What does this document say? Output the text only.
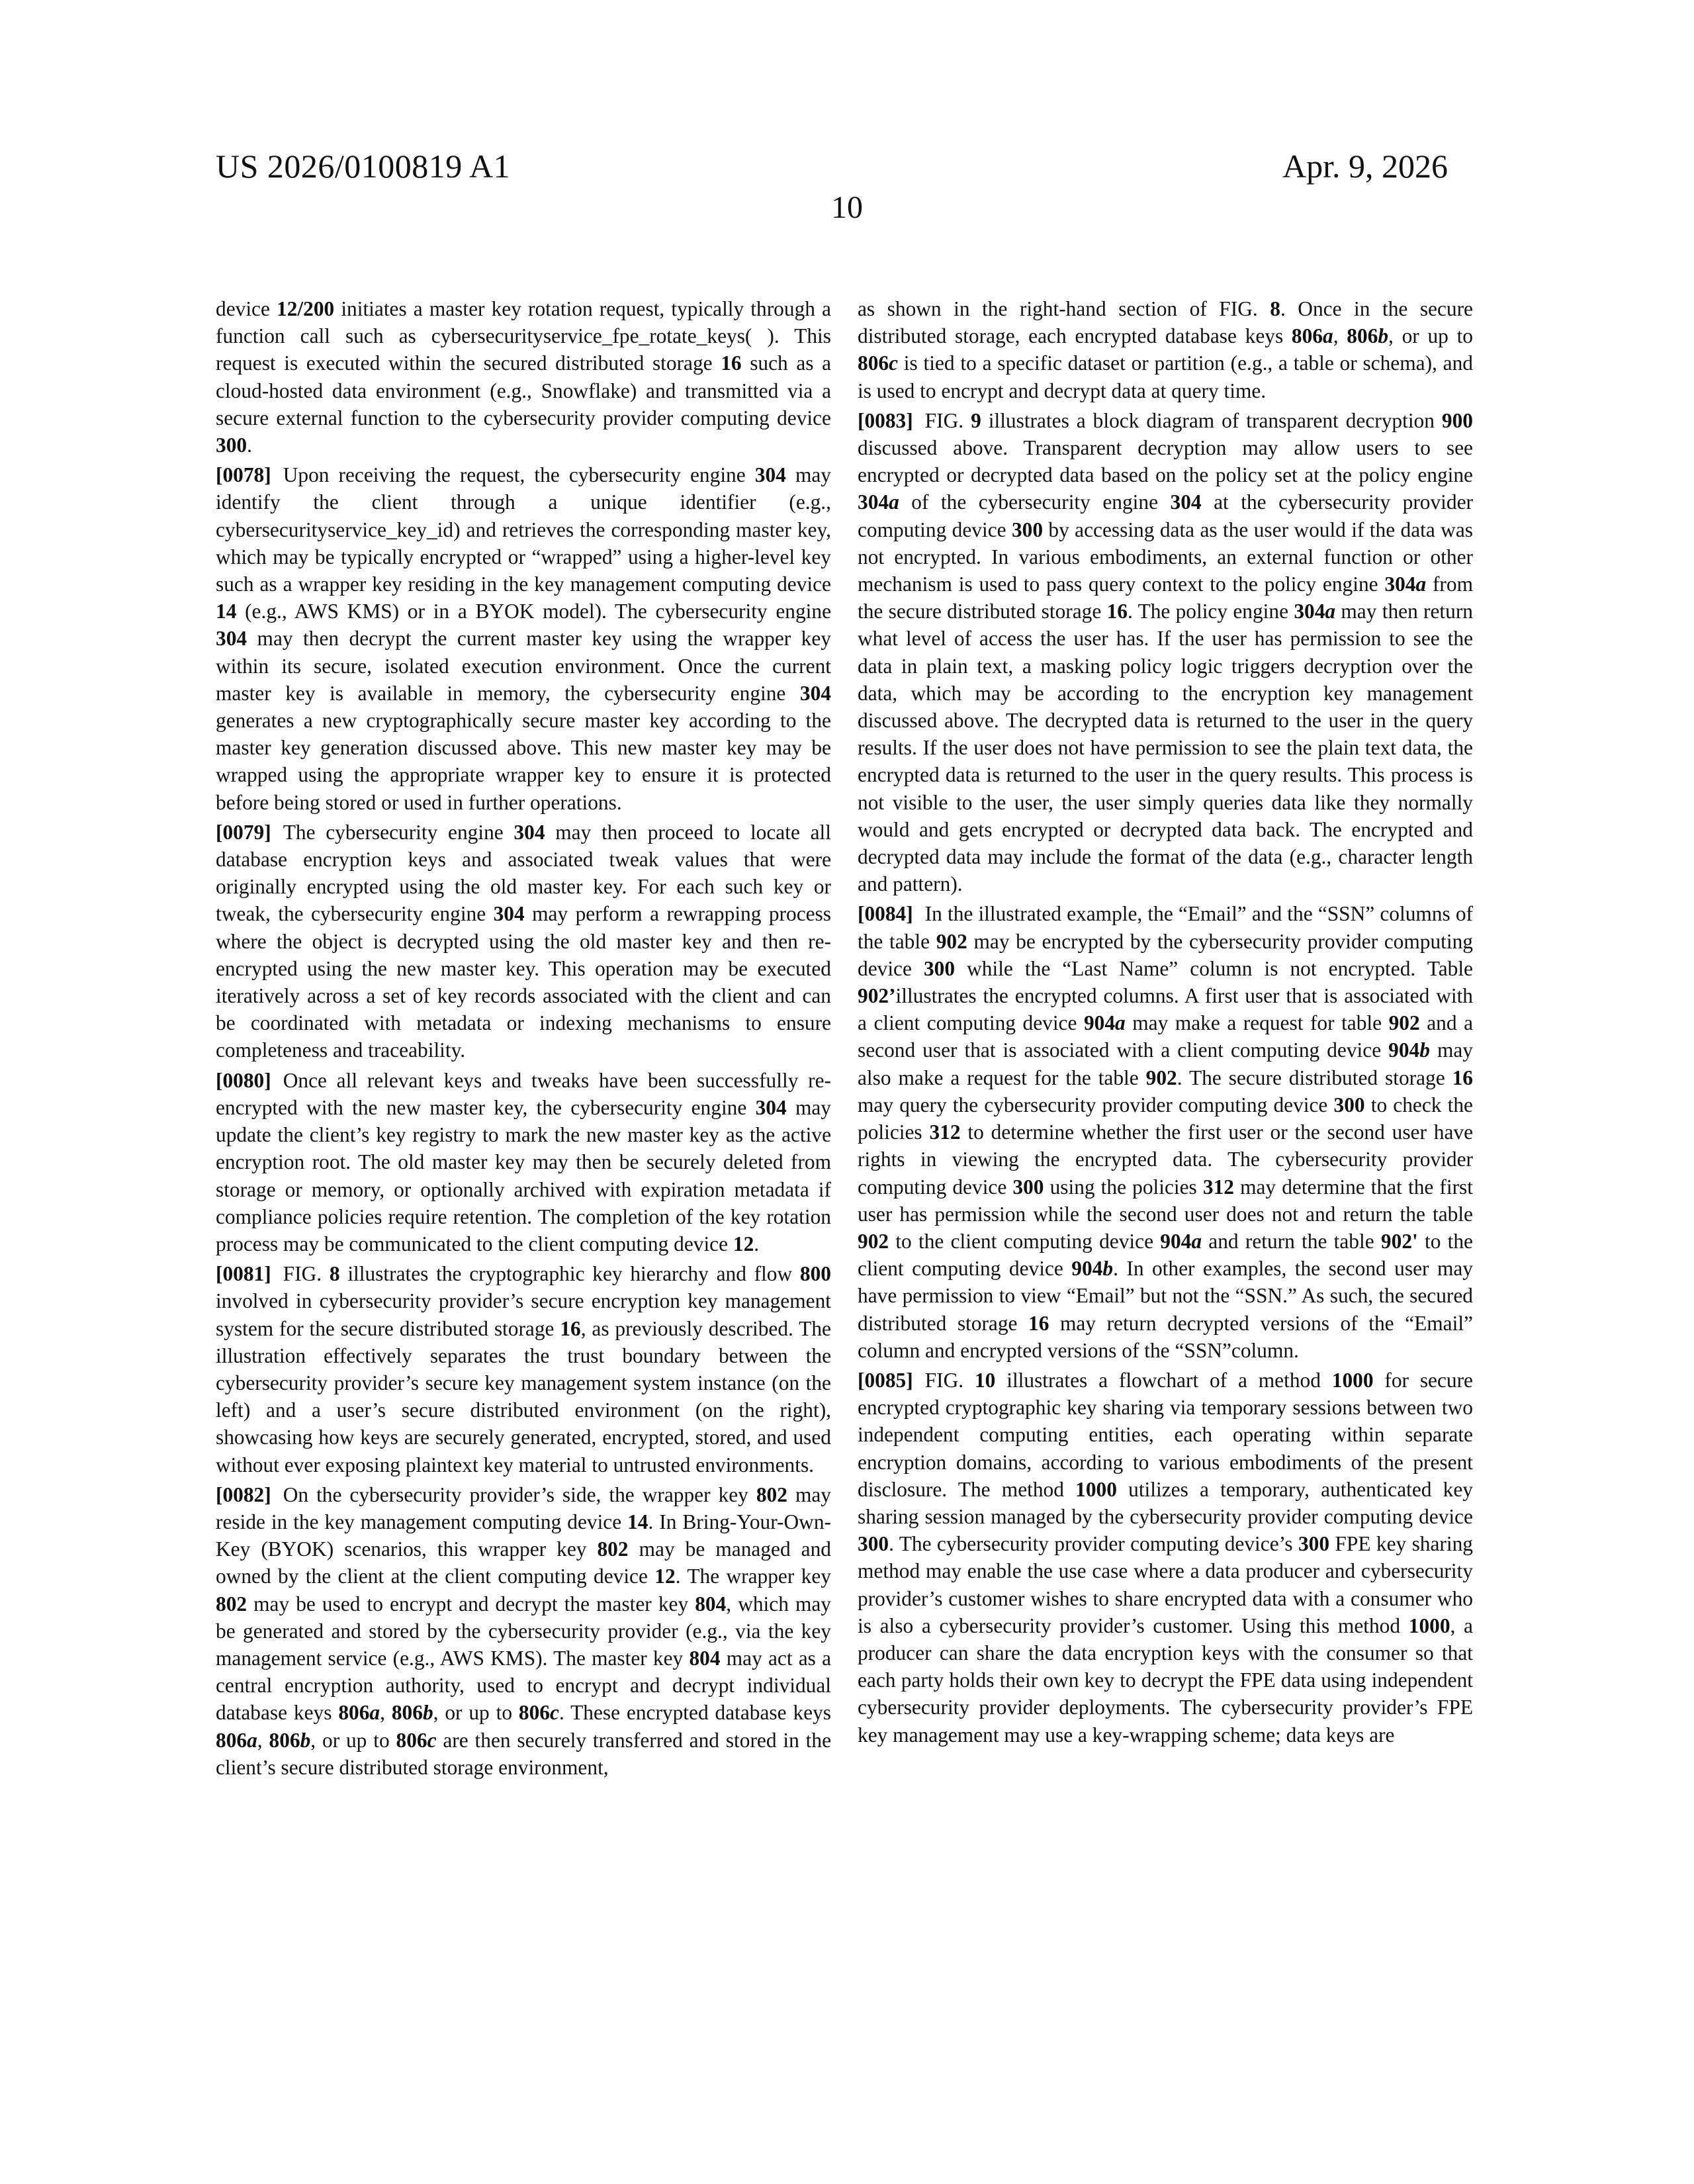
US 2026/0100819 A1	Apr. 9, 2026
10

device 12/200 initiates a master key rotation request, typically through a function call such as cybersecurityservice_fpe_rotate_keys( ). This request is executed within the secured distributed storage 16 such as a cloud-hosted data environment (e.g., Snowflake) and transmitted via a secure external function to the cybersecurity provider computing device 300.

[0078] Upon receiving the request, the cybersecurity engine 304 may identify the client through a unique identifier (e.g., cybersecurityservice_key_id) and retrieves the corresponding master key, which may be typically encrypted or “wrapped” using a higher-level key such as a wrapper key residing in the key management computing device 14 (e.g., AWS KMS) or in a BYOK model). The cybersecurity engine 304 may then decrypt the current master key using the wrapper key within its secure, isolated execution environment. Once the current master key is available in memory, the cybersecurity engine 304 generates a new cryptographically secure master key according to the master key generation discussed above. This new master key may be wrapped using the appropriate wrapper key to ensure it is protected before being stored or used in further operations.

[0079] The cybersecurity engine 304 may then proceed to locate all database encryption keys and associated tweak values that were originally encrypted using the old master key. For each such key or tweak, the cybersecurity engine 304 may perform a rewrapping process where the object is decrypted using the old master key and then re-encrypted using the new master key. This operation may be executed iteratively across a set of key records associated with the client and can be coordinated with metadata or indexing mechanisms to ensure completeness and traceability.

[0080] Once all relevant keys and tweaks have been successfully re-encrypted with the new master key, the cybersecurity engine 304 may update the client’s key registry to mark the new master key as the active encryption root. The old master key may then be securely deleted from storage or memory, or optionally archived with expiration metadata if compliance policies require retention. The completion of the key rotation process may be communicated to the client computing device 12.

[0081] FIG. 8 illustrates the cryptographic key hierarchy and flow 800 involved in cybersecurity provider’s secure encryption key management system for the secure distributed storage 16, as previously described. The illustration effectively separates the trust boundary between the cybersecurity provider’s secure key management system instance (on the left) and a user’s secure distributed environment (on the right), showcasing how keys are securely generated, encrypted, stored, and used without ever exposing plaintext key material to untrusted environments.

[0082] On the cybersecurity provider’s side, the wrapper key 802 may reside in the key management computing device 14. In Bring-Your-Own-Key (BYOK) scenarios, this wrapper key 802 may be managed and owned by the client at the client computing device 12. The wrapper key 802 may be used to encrypt and decrypt the master key 804, which may be generated and stored by the cybersecurity provider (e.g., via the key management service (e.g., AWS KMS). The master key 804 may act as a central encryption authority, used to encrypt and decrypt individual database keys 806a, 806b, or up to 806c. These encrypted database keys 806a, 806b, or up to 806c are then securely transferred and stored in the client’s secure distributed storage environment,

as shown in the right-hand section of FIG. 8. Once in the secure distributed storage, each encrypted database keys 806a, 806b, or up to 806c is tied to a specific dataset or partition (e.g., a table or schema), and is used to encrypt and decrypt data at query time.

[0083] FIG. 9 illustrates a block diagram of transparent decryption 900 discussed above. Transparent decryption may allow users to see encrypted or decrypted data based on the policy set at the policy engine 304a of the cybersecurity engine 304 at the cybersecurity provider computing device 300 by accessing data as the user would if the data was not encrypted. In various embodiments, an external function or other mechanism is used to pass query context to the policy engine 304a from the secure distributed storage 16. The policy engine 304a may then return what level of access the user has. If the user has permission to see the data in plain text, a masking policy logic triggers decryption over the data, which may be according to the encryption key management discussed above. The decrypted data is returned to the user in the query results. If the user does not have permission to see the plain text data, the encrypted data is returned to the user in the query results. This process is not visible to the user, the user simply queries data like they normally would and gets encrypted or decrypted data back. The encrypted and decrypted data may include the format of the data (e.g., character length and pattern).

[0084] In the illustrated example, the “Email” and the “SSN” columns of the table 902 may be encrypted by the cybersecurity provider computing device 300 while the “Last Name” column is not encrypted. Table 902’illustrates the encrypted columns. A first user that is associated with a client computing device 904a may make a request for table 902 and a second user that is associated with a client computing device 904b may also make a request for the table 902. The secure distributed storage 16 may query the cybersecurity provider computing device 300 to check the policies 312 to determine whether the first user or the second user have rights in viewing the encrypted data. The cybersecurity provider computing device 300 using the policies 312 may determine that the first user has permission while the second user does not and return the table 902 to the client computing device 904a and return the table 902' to the client computing device 904b. In other examples, the second user may have permission to view “Email” but not the “SSN.” As such, the secured distributed storage 16 may return decrypted versions of the “Email” column and encrypted versions of the “SSN”column.

[0085] FIG. 10 illustrates a flowchart of a method 1000 for secure encrypted cryptographic key sharing via temporary sessions between two independent computing entities, each operating within separate encryption domains, according to various embodiments of the present disclosure. The method 1000 utilizes a temporary, authenticated key sharing session managed by the cybersecurity provider computing device 300. The cybersecurity provider computing device’s 300 FPE key sharing method may enable the use case where a data producer and cybersecurity provider’s customer wishes to share encrypted data with a consumer who is also a cybersecurity provider’s customer. Using this method 1000, a producer can share the data encryption keys with the consumer so that each party holds their own key to decrypt the FPE data using independent cybersecurity provider deployments. The cybersecurity provider’s FPE key management may use a key-wrapping scheme; data keys are
